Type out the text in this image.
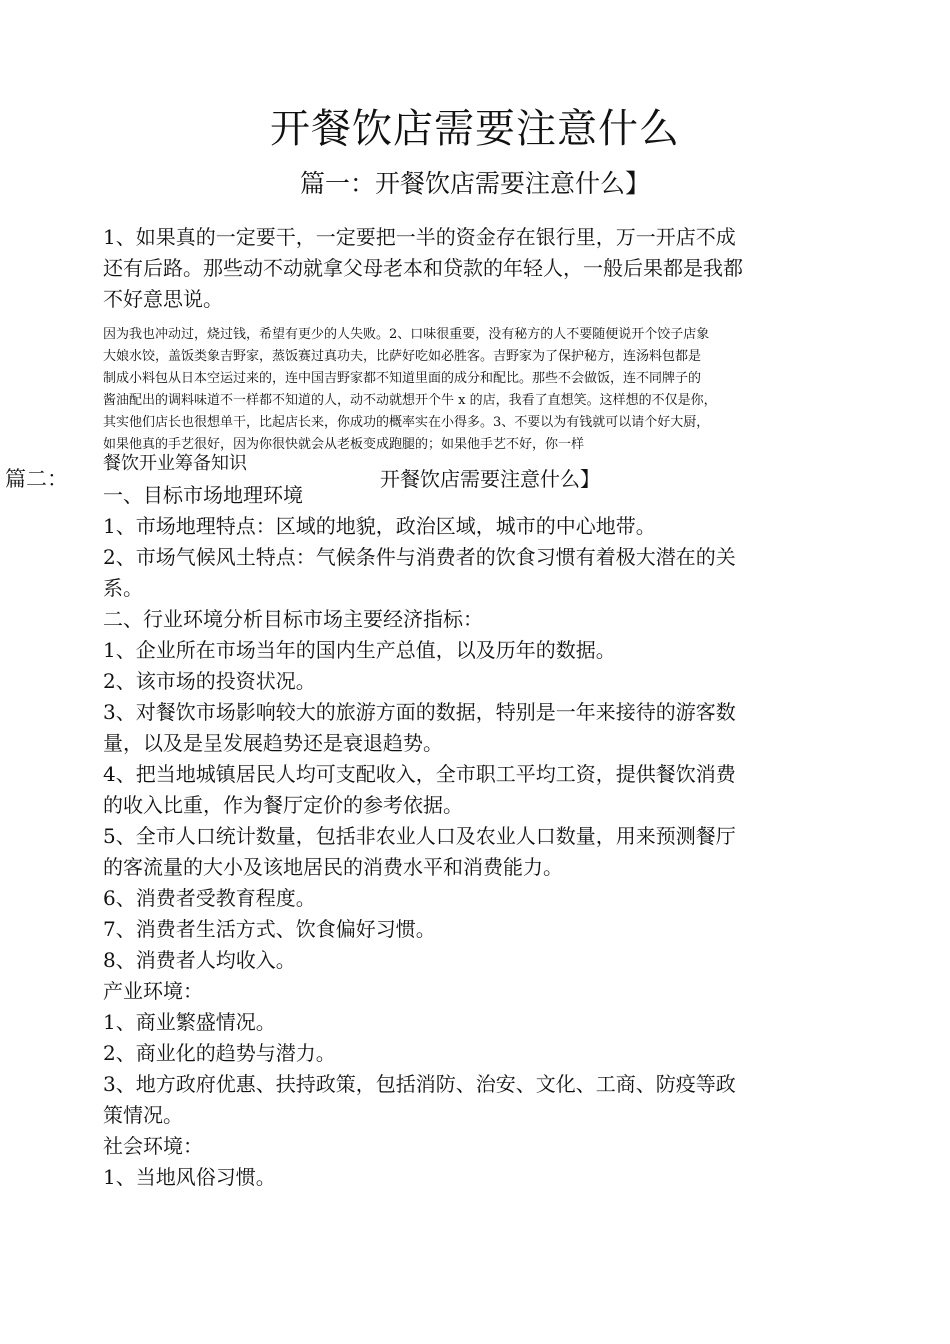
开餐饮店需要注意什么
篇一：开餐饮店需要注意什么】
1、如果真的一定要干，一定要把一半的资金存在银行里，万一开店不成
还有后路。那些动不动就拿父母老本和贷款的年轻人，一般后果都是我都
不好意思说。
因为我也冲动过，烧过钱，希望有更少的人失败。2、口味很重要，没有秘方的人不要随便说开个饺子店象
大娘水饺，盖饭类象吉野家，蒸饭赛过真功夫，比萨好吃如必胜客。吉野家为了保护秘方，连汤料包都是
制成小料包从日本空运过来的，连中国吉野家都不知道里面的成分和配比。那些不会做饭，连不同牌子的
酱油配出的调料味道不一样都不知道的人，动不动就想开个牛 x 的店，我看了直想笑。这样想的不仅是你，
其实他们店长也很想单干，比起店长来，你成功的概率实在小得多。3、不要以为有钱就可以请个好大厨，
如果他真的手艺很好，因为你很快就会从老板变成跑腿的；如果他手艺不好，你一样
餐饮开业筹备知识
篇二：	开餐饮店需要注意什么】
一、目标市场地理环境
1、市场地理特点：区域的地貌，政治区域，城市的中心地带。
2、市场气候风土特点：气候条件与消费者的饮食习惯有着极大潜在的关
系。
二、行业环境分析目标市场主要经济指标：
1、企业所在市场当年的国内生产总值，以及历年的数据。
2、该市场的投资状况。
3、对餐饮市场影响较大的旅游方面的数据，特别是一年来接待的游客数
量，以及是呈发展趋势还是衰退趋势。
4、把当地城镇居民人均可支配收入，全市职工平均工资，提供餐饮消费
的收入比重，作为餐厅定价的参考依据。
5、全市人口统计数量，包括非农业人口及农业人口数量，用来预测餐厅
的客流量的大小及该地居民的消费水平和消费能力。
6、消费者受教育程度。
7、消费者生活方式、饮食偏好习惯。
8、消费者人均收入。
产业环境：
1、商业繁盛情况。
2、商业化的趋势与潜力。
3、地方政府优惠、扶持政策，包括消防、治安、文化、工商、防疫等政
策情况。
社会环境：
1、当地风俗习惯。
